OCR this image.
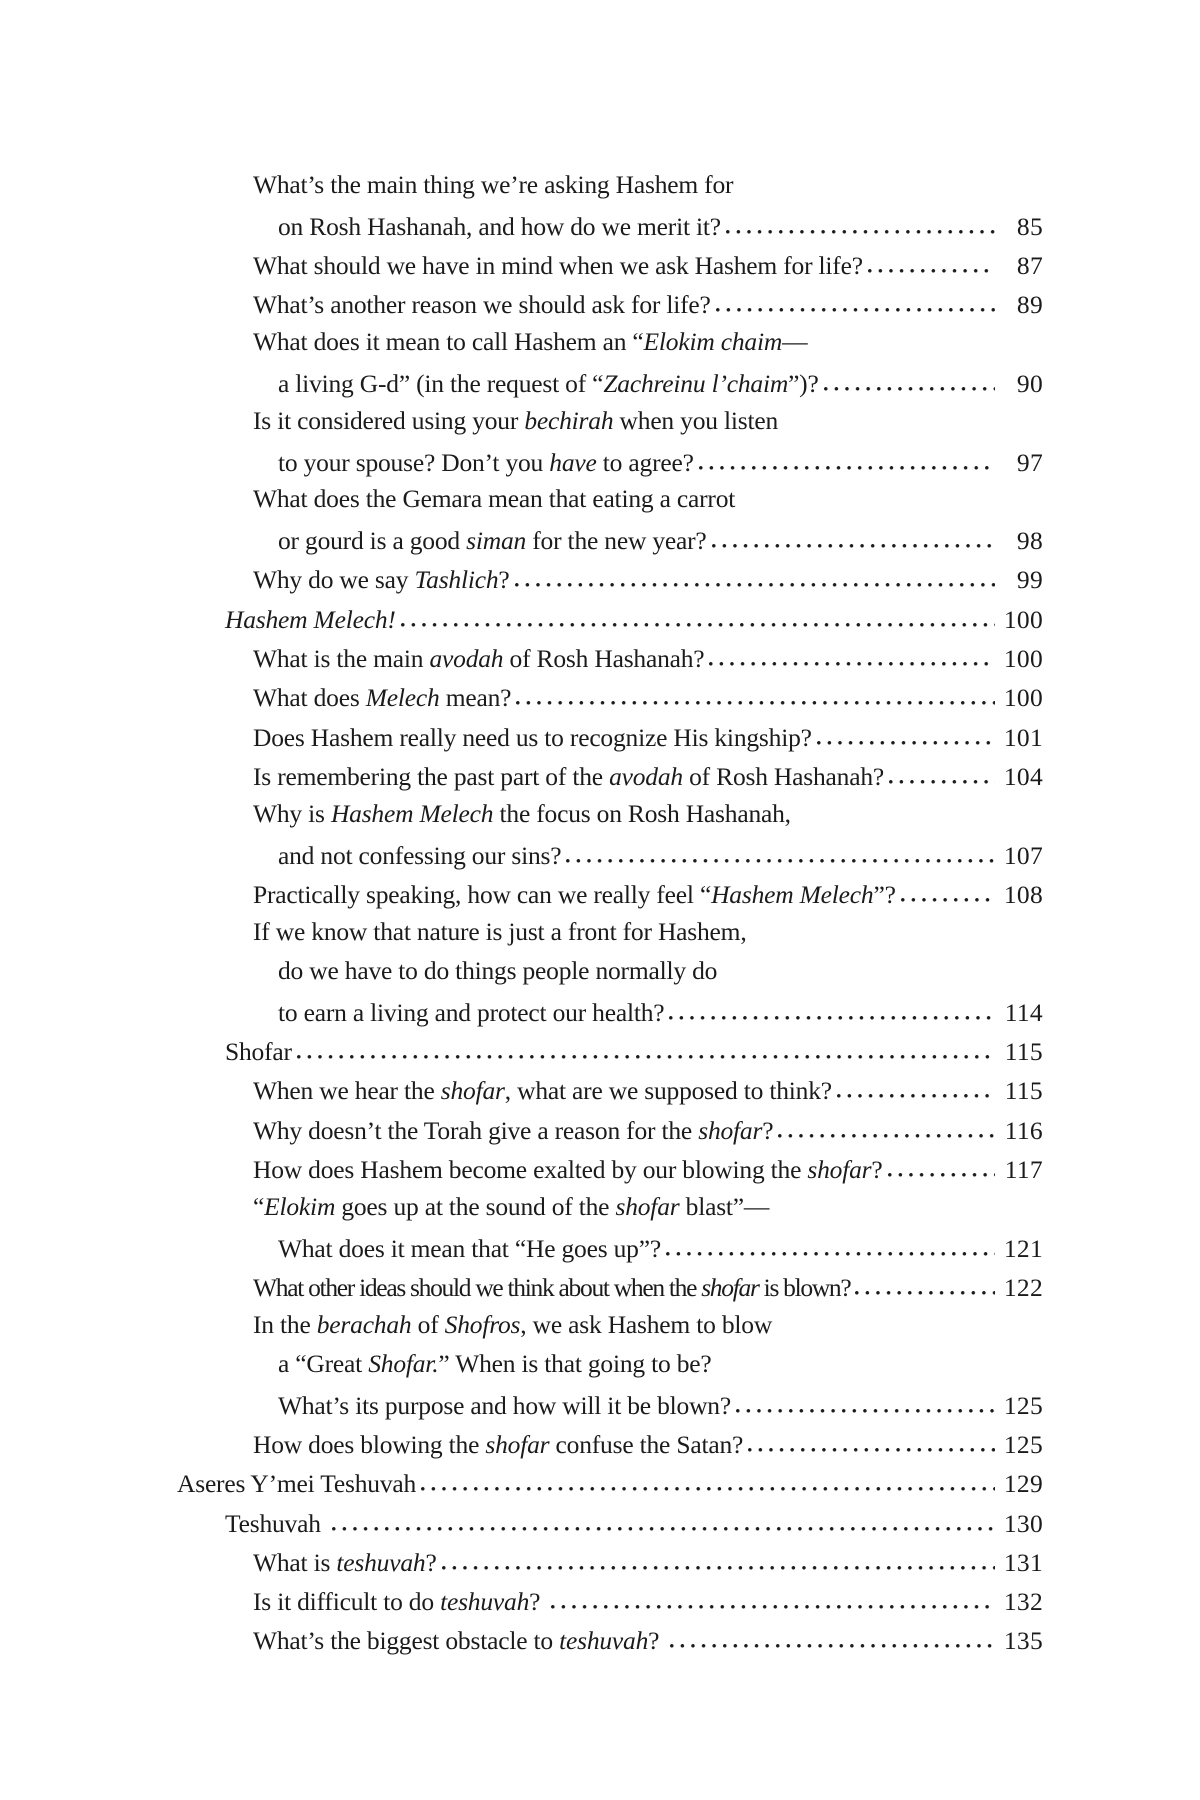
What’s the main thing we’re asking Hashem for
on Rosh Hashanah, and how do we merit it?	85
What should we have in mind when we ask Hashem for life?	87
What’s another reason we should ask for life?	89
What does it mean to call Hashem an “Elokim chaim—
a living G-d” (in the request of “Zachreinu l’chaim”)?	90
Is it considered using your bechirah when you listen
to your spouse? Don’t you have to agree?	97
What does the Gemara mean that eating a carrot
or gourd is a good siman for the new year?	98
Why do we say Tashlich?	99
Hashem Melech!	100
What is the main avodah of Rosh Hashanah?	100
What does Melech mean?	100
Does Hashem really need us to recognize His kingship?	101
Is remembering the past part of the avodah of Rosh Hashanah?	104
Why is Hashem Melech the focus on Rosh Hashanah,
and not confessing our sins?	107
Practically speaking, how can we really feel “Hashem Melech”?	108
If we know that nature is just a front for Hashem,
do we have to do things people normally do
to earn a living and protect our health?	114
Shofar	115
When we hear the shofar, what are we supposed to think?	115
Why doesn’t the Torah give a reason for the shofar?	116
How does Hashem become exalted by our blowing the shofar?	117
“Elokim goes up at the sound of the shofar blast”—
What does it mean that “He goes up”?	121
What other ideas should we think about when the shofar is blown?	122
In the berachah of Shofros, we ask Hashem to blow
a “Great Shofar.” When is that going to be?
What’s its purpose and how will it be blown?	125
How does blowing the shofar confuse the Satan?	125
Aseres Y’mei Teshuvah	129
Teshuvah	130
What is teshuvah?	131
Is it difficult to do teshuvah?	132
What’s the biggest obstacle to teshuvah?	135
